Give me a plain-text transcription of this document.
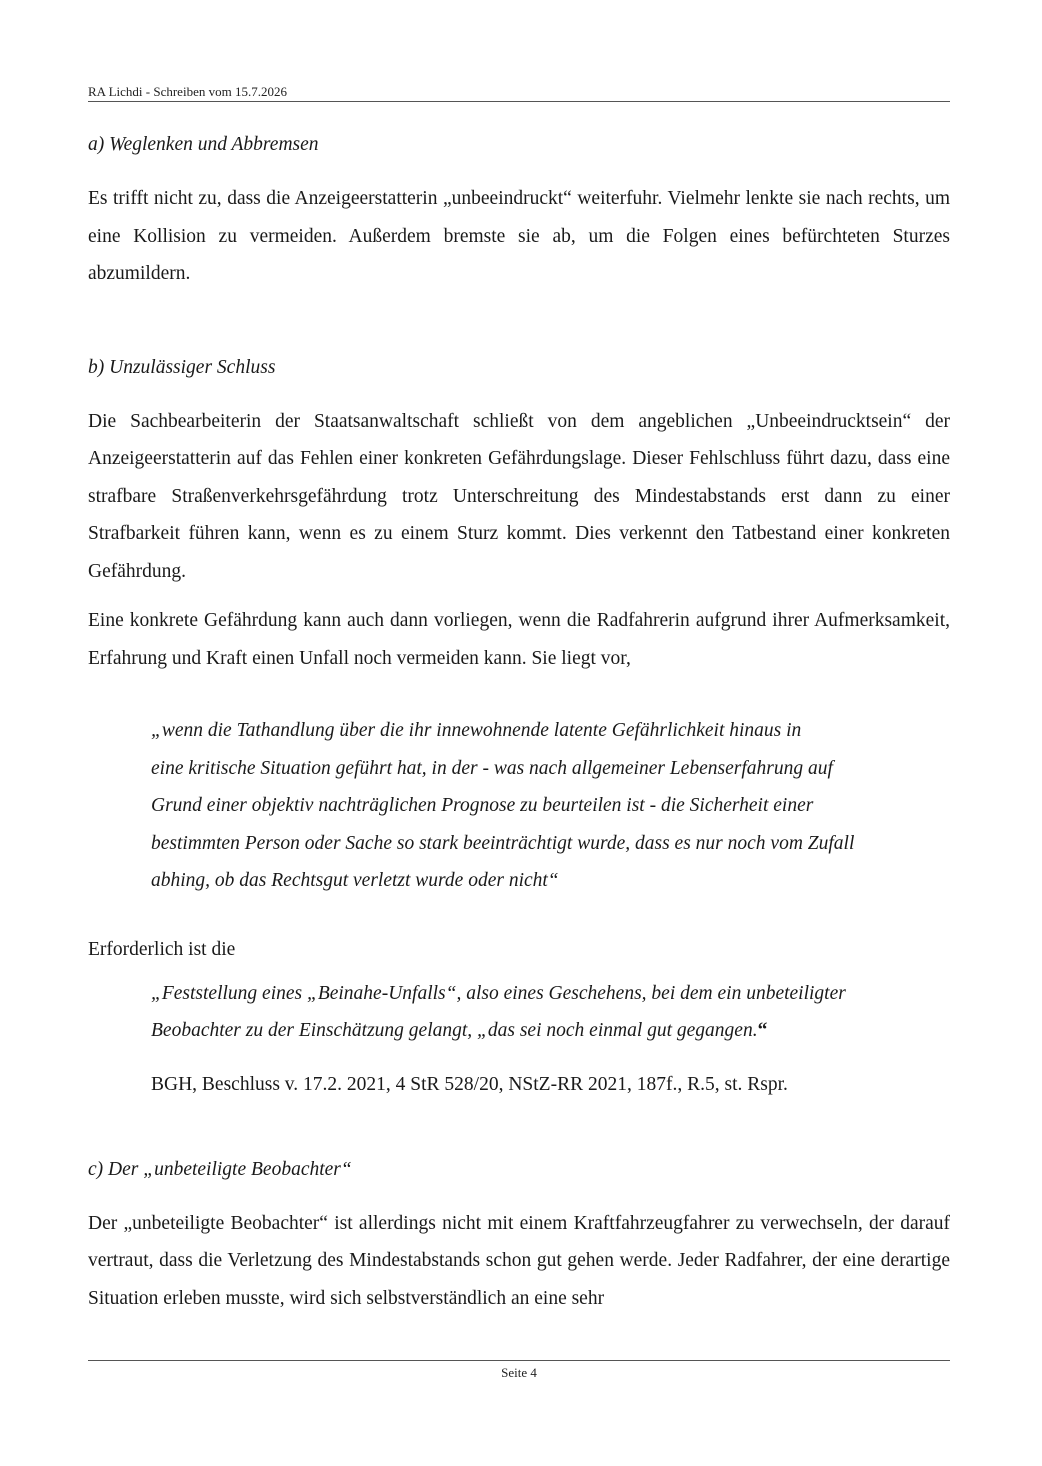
RA Lichdi - Schreiben vom 15.7.2026

a) Weglenken und Abbremsen

Es trifft nicht zu, dass die Anzeigeerstatterin „unbeeindruckt“ weiterfuhr. Vielmehr lenkte sie nach rechts, um eine Kollision zu vermeiden. Außerdem bremste sie ab, um die Folgen eines befürchteten Sturzes abzumildern.

b) Unzulässiger Schluss

Die Sachbearbeiterin der Staatsanwaltschaft schließt von dem angeblichen „Unbeeindrucktsein“ der Anzeigeerstatterin auf das Fehlen einer konkreten Gefährdungslage. Dieser Fehlschluss führt dazu, dass eine strafbare Straßenverkehrsgefährdung trotz Unterschreitung des Mindestabstands erst dann zu einer Strafbarkeit führen kann, wenn es zu einem Sturz kommt. Dies verkennt den Tatbestand einer konkreten Gefährdung.

Eine konkrete Gefährdung kann auch dann vorliegen, wenn die Radfahrerin aufgrund ihrer Aufmerksamkeit, Erfahrung und Kraft einen Unfall noch vermeiden kann. Sie liegt vor,

„wenn die Tathandlung über die ihr innewohnende latente Gefährlichkeit hinaus in
eine kritische Situation geführt hat, in der - was nach allgemeiner Lebenserfahrung auf
Grund einer objektiv nachträglichen Prognose zu beurteilen ist - die Sicherheit einer
bestimmten Person oder Sache so stark beeinträchtigt wurde, dass es nur noch vom Zufall
abhing, ob das Rechtsgut verletzt wurde oder nicht“

Erforderlich ist die

„Feststellung eines „Beinahe-Unfalls“, also eines Geschehens, bei dem ein unbeteiligter
Beobachter zu der Einschätzung gelangt, „das sei noch einmal gut gegangen.“

BGH, Beschluss v. 17.2. 2021, 4 StR 528/20, NStZ-RR 2021, 187f., R.5, st. Rspr.

c) Der „unbeteiligte Beobachter“

Der „unbeteiligte Beobachter“ ist allerdings nicht mit einem Kraftfahrzeugfahrer zu verwechseln, der darauf vertraut, dass die Verletzung des Mindestabstands schon gut gehen werde. Jeder Radfahrer, der eine derartige Situation erleben musste, wird sich selbstverständlich an eine sehr

Seite 4
